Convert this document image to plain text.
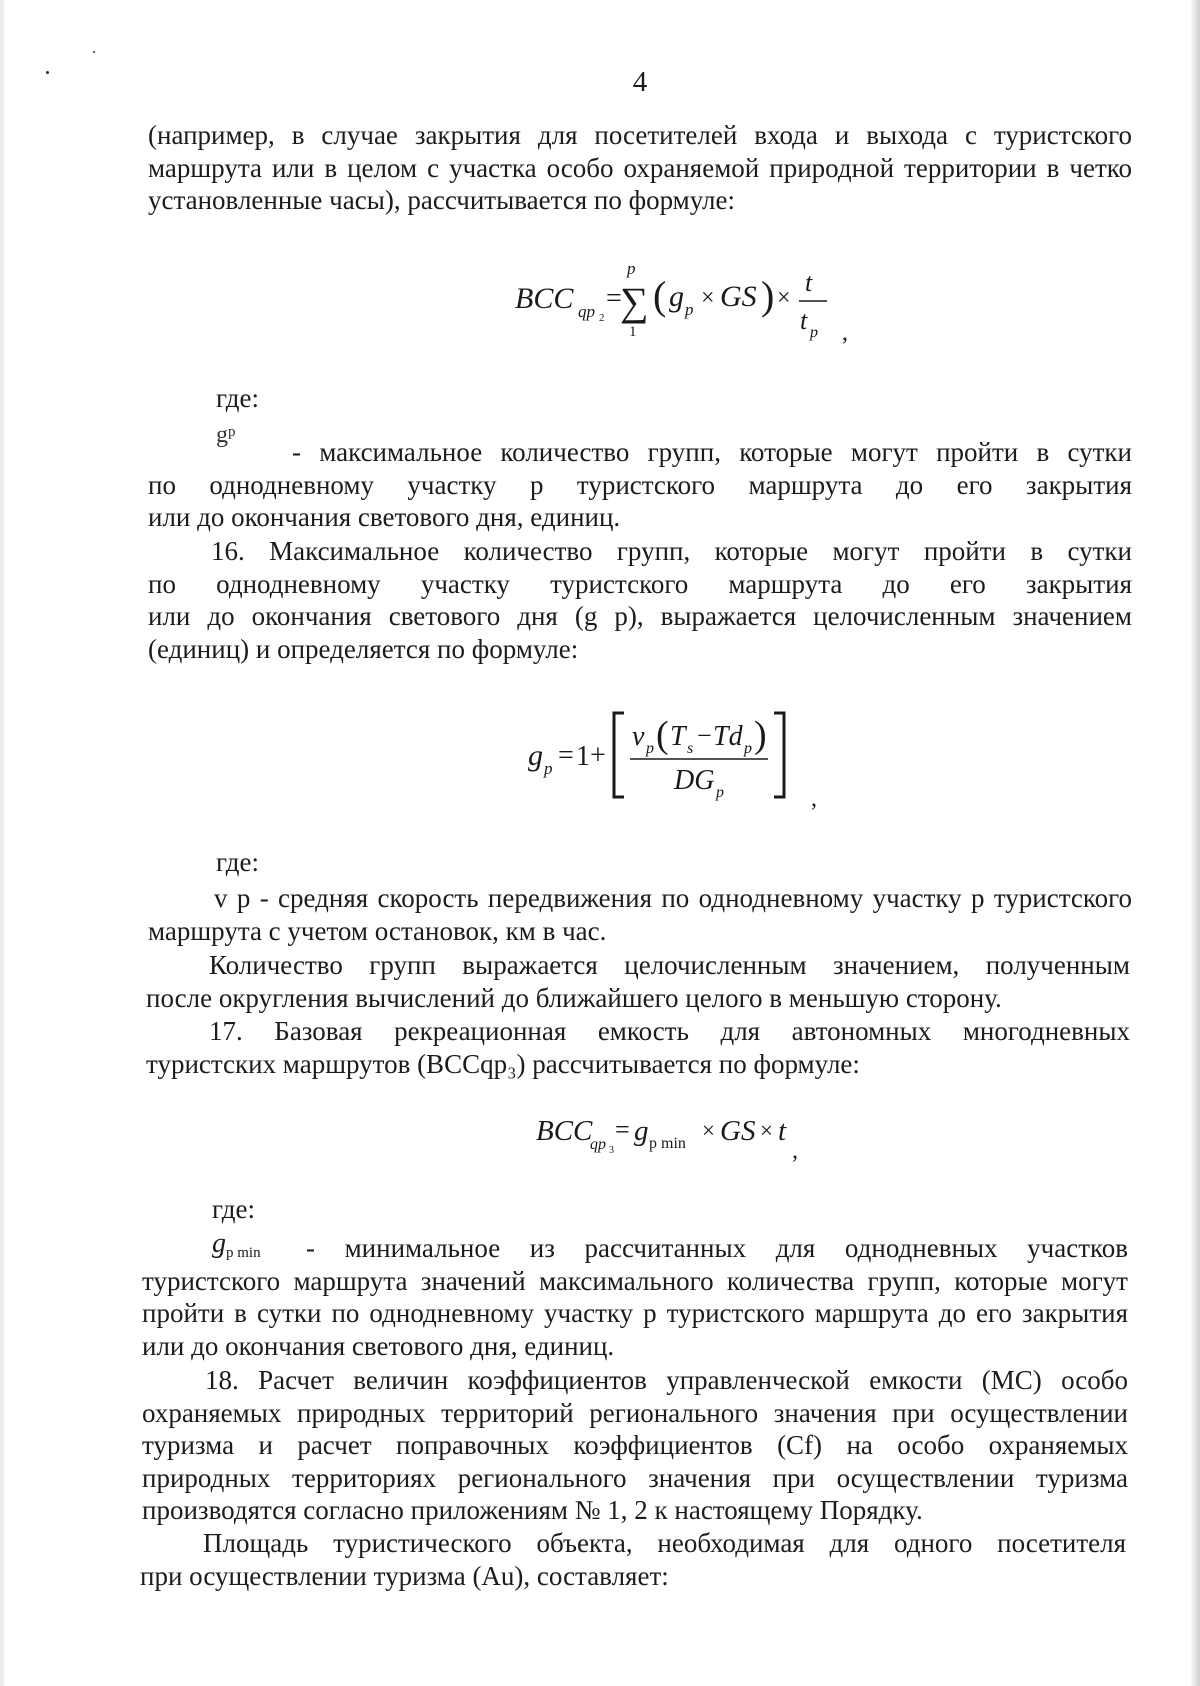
4

(например, в случае закрытия для посетителей входа и выхода с туристского
маршрута или в целом с участка особо охраняемой природной территории в четко
установленные часы), рассчитывается по формуле:

BCC qp 2
=
p
∑
1
( g p × GS ) ×
t
t p ,
где:
$g^p$

- максимальное количество групп, которые могут пройти в сутки
по однодневному участку р туристского маршрута до его закрытия
или до окончания светового дня, единиц.

16. Максимальное количество групп, которые могут пройти в сутки
по однодневному участку туристского маршрута до его закрытия
или до окончания светового дня (g p), выражается целочисленным значением
(единиц) и определяется по формуле:

g p = 1 +
v p ( T s − Td p )
DG p	,
где:

v р - средняя скорость передвижения по однодневному участку р туристского
маршрута с учетом остановок, км в час.

Количество групп выражается целочисленным значением, полученным
после округления вычислений до ближайшего целого в меньшую сторону.

17. Базовая рекреационная емкость для автономных многодневных
туристских маршрутов (ВССqp₃) рассчитывается по формуле:

BCC
qp 3
= g р min
× GS × t
,
где:
gр min	- минимальное из рассчитанных для однодневных участков
туристского маршрута значений максимального количества групп, которые могут
пройти в сутки по однодневному участку р туристского маршрута до его закрытия
или до окончания светового дня, единиц.

18. Расчет величин коэффициентов управленческой емкости (МС) особо
охраняемых природных территорий регионального значения при осуществлении
туризма и расчет поправочных коэффициентов (Cf) на особо охраняемых
природных территориях регионального значения при осуществлении туризма
производятся согласно приложениям № 1, 2 к настоящему Порядку.

Площадь туристического объекта, необходимая для одного посетителя
при осуществлении туризма (Au), составляет:
